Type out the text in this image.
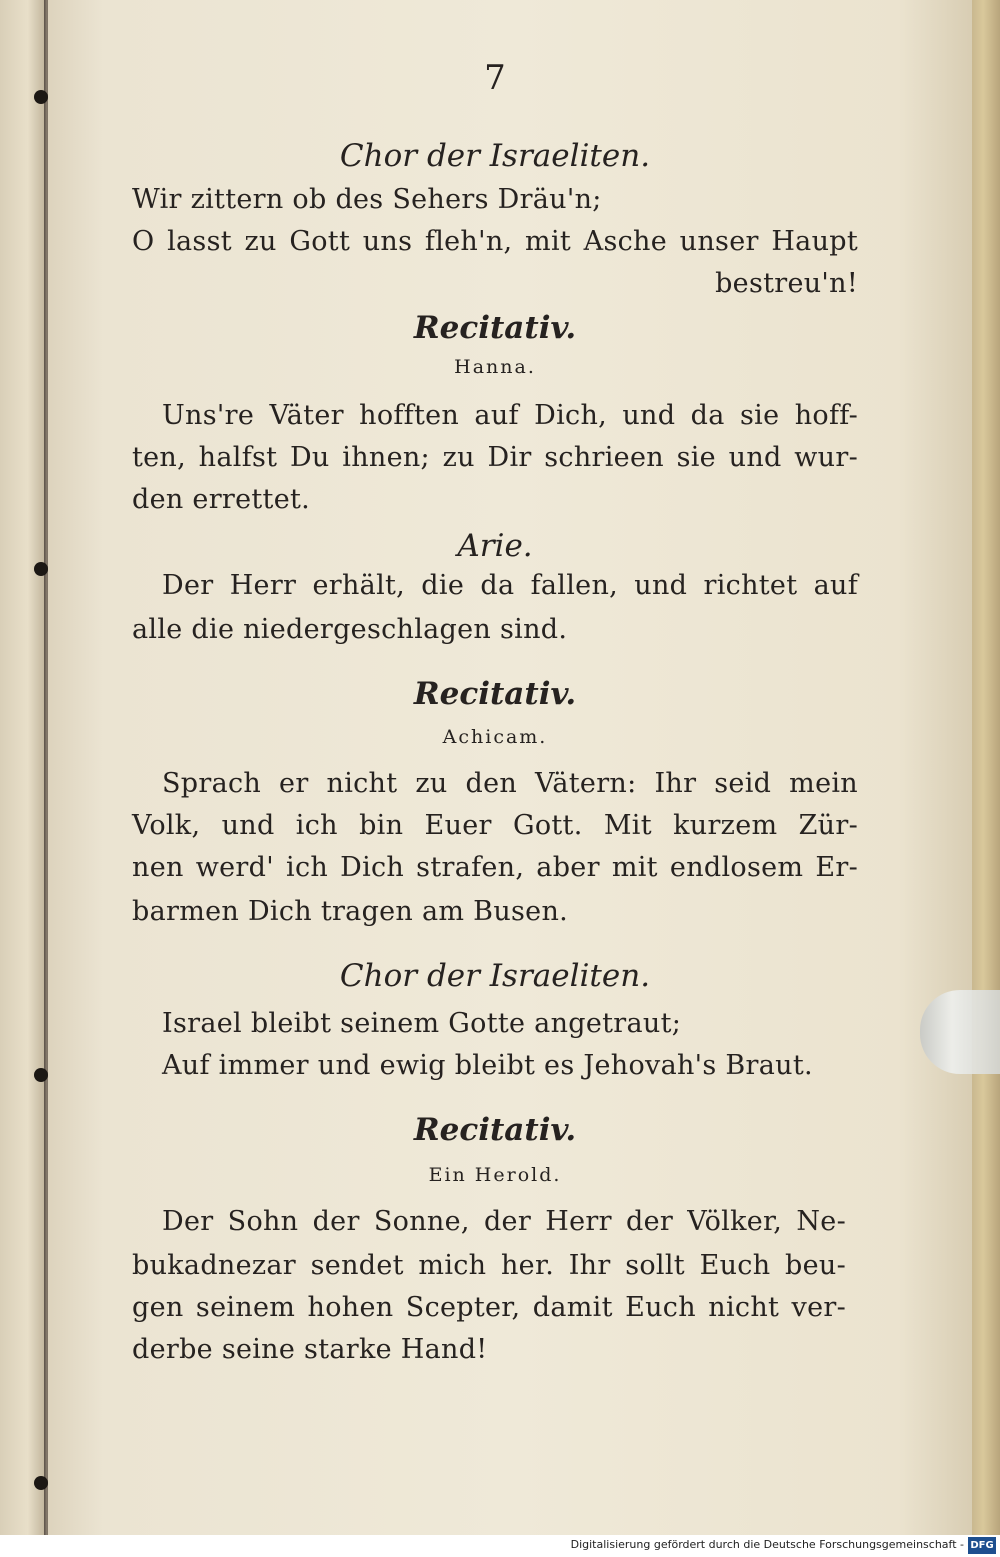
7
Chor der Israeliten.
Wir zittern ob des Sehers Dräu'n;
O lasst zu Gott uns fleh'n, mit Asche unser Haupt
bestreu'n!
Recitativ.
Hanna.
Uns're Väter hofften auf Dich, und da sie hoff-
ten, halfst Du ihnen; zu Dir schrieen sie und wur-
den errettet.
Arie.
Der Herr erhält, die da fallen, und richtet auf
alle die niedergeschlagen sind.
Recitativ.
Achicam.
Sprach er nicht zu den Vätern: Ihr seid mein
Volk, und ich bin Euer Gott. Mit kurzem Zür-
nen werd' ich Dich strafen, aber mit endlosem Er-
barmen Dich tragen am Busen.
Chor der Israeliten.
Israel bleibt seinem Gotte angetraut;
Auf immer und ewig bleibt es Jehovah's Braut.
Recitativ.
Ein Herold.
Der Sohn der Sonne, der Herr der Völker, Ne-
bukadnezar sendet mich her. Ihr sollt Euch beu-
gen seinem hohen Scepter, damit Euch nicht ver-
derbe seine starke Hand!
Digitalisierung gefördert durch die Deutsche Forschungsgemeinschaft - DFG
